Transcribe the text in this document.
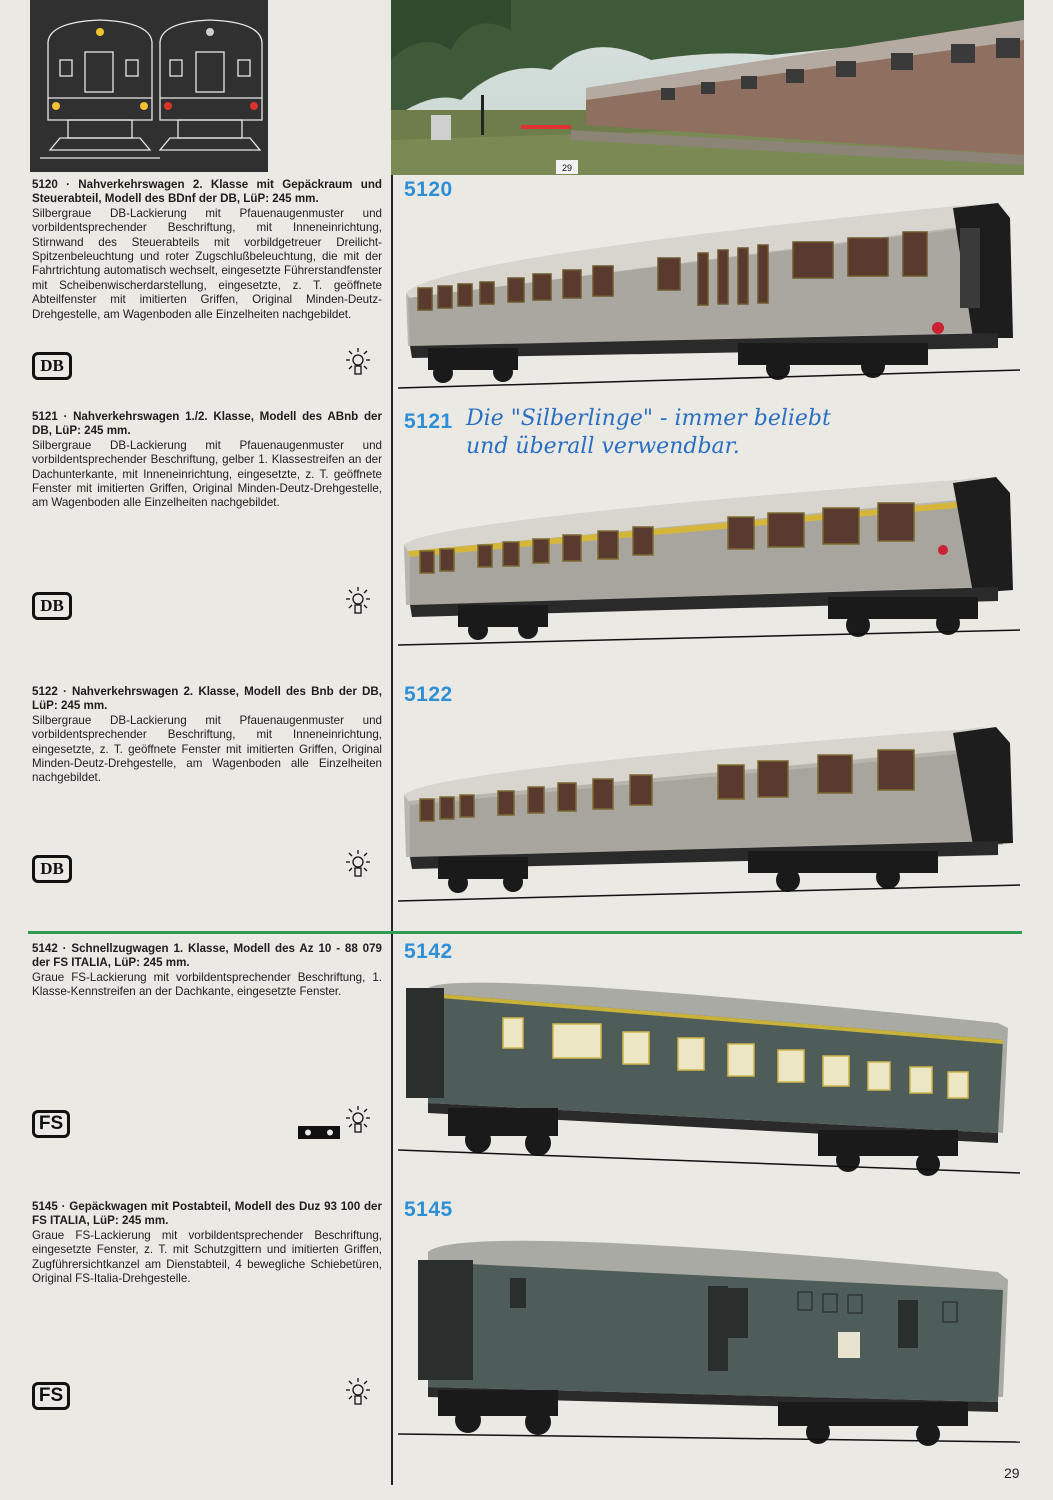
29
5120 · Nahverkehrswagen 2. Klasse mit Gepäckraum und Steuerabteil, Modell des BDnf der DB, LüP: 245 mm.
Silbergraue DB-Lackierung mit Pfauenaugenmuster und vorbildentsprechender Beschriftung, mit Inneneinrichtung, Stirnwand des Steuerabteils mit vorbildgetreuer Dreilicht-Spitzenbeleuchtung und roter Zugschlußbeleuchtung, die mit der Fahrtrichtung automatisch wechselt, eingesetzte Führerstandfenster mit Scheibenwischerdarstellung, eingesetzte, z. T. geöffnete Abteilfenster mit imitierten Griffen, Original Minden-Deutz-Drehgestelle, am Wagenboden alle Einzelheiten nachgebildet.
DB
5121 · Nahverkehrswagen 1./2. Klasse, Modell des ABnb der DB, LüP: 245 mm.
Silbergraue DB-Lackierung mit Pfauenaugenmuster und vorbildentsprechender Beschriftung, gelber 1. Klassestreifen an der Dachunterkante, mit Inneneinrichtung, eingesetzte, z. T. geöffnete Fenster mit imitierten Griffen, Original Minden-Deutz-Drehgestelle, am Wagenboden alle Einzelheiten nachgebildet.
DB
5122 · Nahverkehrswagen 2. Klasse, Modell des Bnb der DB, LüP: 245 mm.
Silbergraue DB-Lackierung mit Pfauenaugenmuster und vorbildentsprechender Beschriftung, mit Inneneinrichtung, eingesetzte, z. T. geöffnete Fenster mit imitierten Griffen, Original Minden-Deutz-Drehgestelle, am Wagenboden alle Einzelheiten nachgebildet.
DB
5142 · Schnellzugwagen 1. Klasse, Modell des Az 10 - 88 079 der FS ITALIA, LüP: 245 mm.
Graue FS-Lackierung mit vorbildentsprechender Beschriftung, 1. Klasse-Kennstreifen an der Dachkante, eingesetzte Fenster.
FS
5145 · Gepäckwagen mit Postabteil, Modell des Duz 93 100 der FS ITALIA, LüP: 245 mm.
Graue FS-Lackierung mit vorbildentsprechender Beschriftung, eingesetzte Fenster, z. T. mit Schutzgittern und imitierten Griffen, Zugführersichtkanzel am Dienstabteil, 4 bewegliche Schiebetüren, Original FS-Italia-Drehgestelle.
FS
5120
5121
5122
5142
5145
Die "Silberlinge" - immer beliebt
und überall verwendbar.
29
